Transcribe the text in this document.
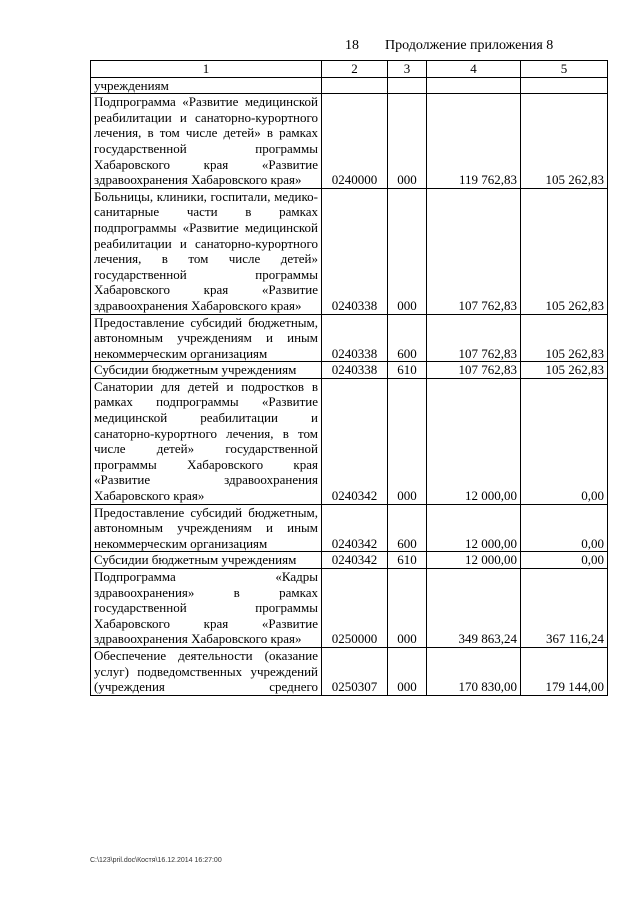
18 Продолжение приложения 8
1	2	3	4	5
учреждениям				
Подпрограмма «Развитие медицинской реабилитации и санаторно-курортного лечения, в том числе детей» в рамках государственной программы Хабаровского края «Развитие здравоохранения Хабаровского края»	0240000	000	119 762,83	105 262,83
Больницы, клиники, госпитали, медико-санитарные части в рамках подпрограммы «Развитие медицинской реабилитации и санаторно-курортного лечения, в том числе детей» государственной программы Хабаровского края «Развитие здравоохранения Хабаровского края»	0240338	000	107 762,83	105 262,83
Предоставление субсидий бюджетным, автономным учреждениям и иным некоммерческим организациям	0240338	600	107 762,83	105 262,83
Субсидии бюджетным учреждениям	0240338	610	107 762,83	105 262,83
Санатории для детей и подростков в рамках подпрограммы «Развитие медицинской реабилитации и санаторно-курортного лечения, в том числе детей» государственной программы Хабаровского края «Развитие здравоохранения Хабаровского края»	0240342	000	12 000,00	0,00
Предоставление субсидий бюджетным, автономным учреждениям и иным некоммерческим организациям	0240342	600	12 000,00	0,00
Субсидии бюджетным учреждениям	0240342	610	12 000,00	0,00
Подпрограмма «Кадры здравоохранения» в рамках государственной программы Хабаровского края «Развитие здравоохранения Хабаровского края»	0250000	000	349 863,24	367 116,24
Обеспечение деятельности (оказание услуг) подведомственных учреждений (учреждения среднего	0250307	000	170 830,00	179 144,00
C:\123\pril.doc\Костя\16.12.2014 16:27:00
